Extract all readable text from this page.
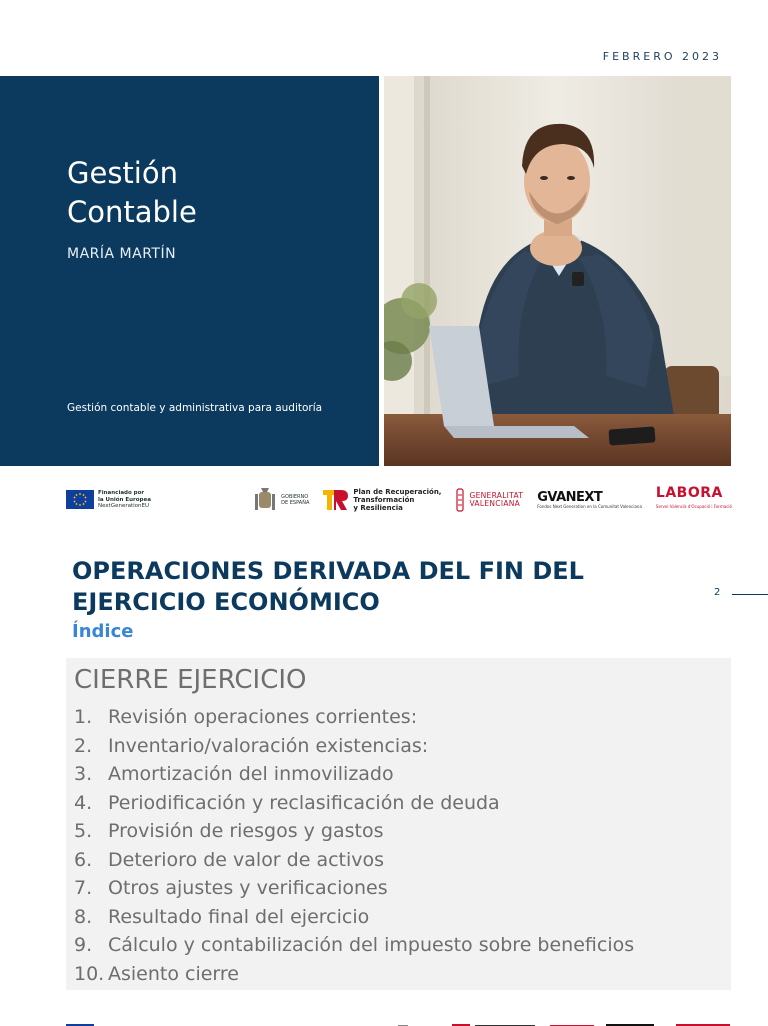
FEBRERO 2023
Gestión
Contable
MARÍA MARTÍN
Gestión contable y administrativa para auditoría
Financiado por
la Unión Europea
NextGenerationEU
GOBIERNO
DE ESPAÑA
Plan de Recuperación,
Transformación
y Resiliencia
GENERALITAT
VALENCIANA GVANEXT
Fondos Next Generation en la Comunitat Valenciana
LABORA
Servei Valencià d'Ocupació i Formació
OPERACIONES DERIVADA DEL FIN DEL
EJERCICIO ECONÓMICO	2
Índice
CIERRE EJERCICIO
1. Revisión operaciones corrientes:
2. Inventario/valoración existencias:
3. Amortización del inmovilizado
4. Periodificación y reclasificación de deuda
5. Provisión de riesgos y gastos
6. Deterioro de valor de activos
7. Otros ajustes y verificaciones
8. Resultado final del ejercicio
9. Cálculo y contabilización del impuesto sobre beneficios
10. Asiento cierre
